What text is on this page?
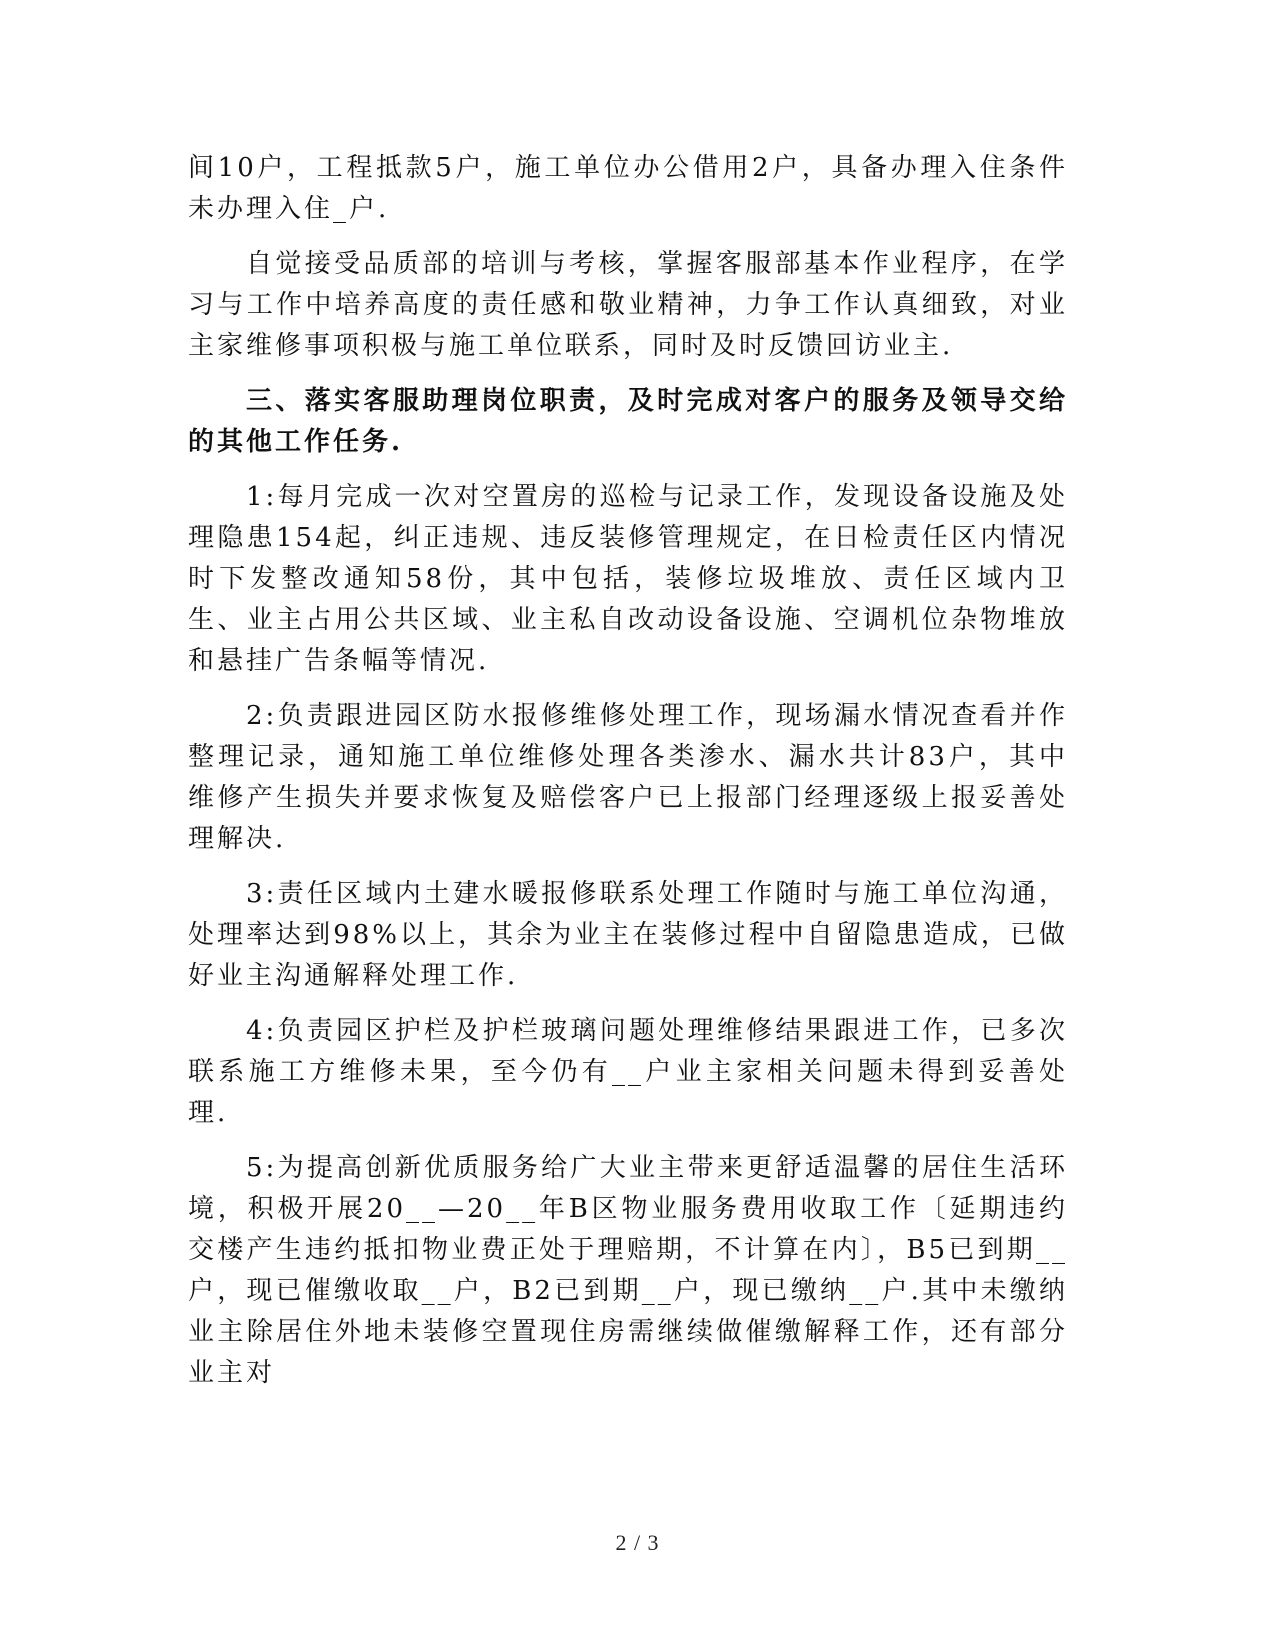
间10户，工程抵款5户，施工单位办公借用2户，具备办理入住条件未办理入住_户.

自觉接受品质部的培训与考核，掌握客服部基本作业程序，在学习与工作中培养高度的责任感和敬业精神，力争工作认真细致，对业主家维修事项积极与施工单位联系，同时及时反馈回访业主.

三、落实客服助理岗位职责，及时完成对客户的服务及领导交给的其他工作任务.

1:每月完成一次对空置房的巡检与记录工作，发现设备设施及处理隐患154起，纠正违规、违反装修管理规定，在日检责任区内情况时下发整改通知58份，其中包括，装修垃圾堆放、责任区域内卫生、业主占用公共区域、业主私自改动设备设施、空调机位杂物堆放和悬挂广告条幅等情况.

2:负责跟进园区防水报修维修处理工作，现场漏水情况查看并作整理记录，通知施工单位维修处理各类渗水、漏水共计83户，其中维修产生损失并要求恢复及赔偿客户已上报部门经理逐级上报妥善处理解决.

3:责任区域内土建水暖报修联系处理工作随时与施工单位沟通，处理率达到98%以上，其余为业主在装修过程中自留隐患造成，已做好业主沟通解释处理工作.

4:负责园区护栏及护栏玻璃问题处理维修结果跟进工作，已多次联系施工方维修未果，至今仍有__户业主家相关问题未得到妥善处理.

5:为提高创新优质服务给广大业主带来更舒适温馨的居住生活环境，积极开展20__—20__年B区物业服务费用收取工作〔延期违约交楼产生违约抵扣物业费正处于理赔期，不计算在内〕，B5已到期__户，现已催缴收取__户，B2已到期__户，现已缴纳__户.其中未缴纳业主除居住外地未装修空置现住房需继续做催缴解释工作，还有部分业主对

2 / 3
